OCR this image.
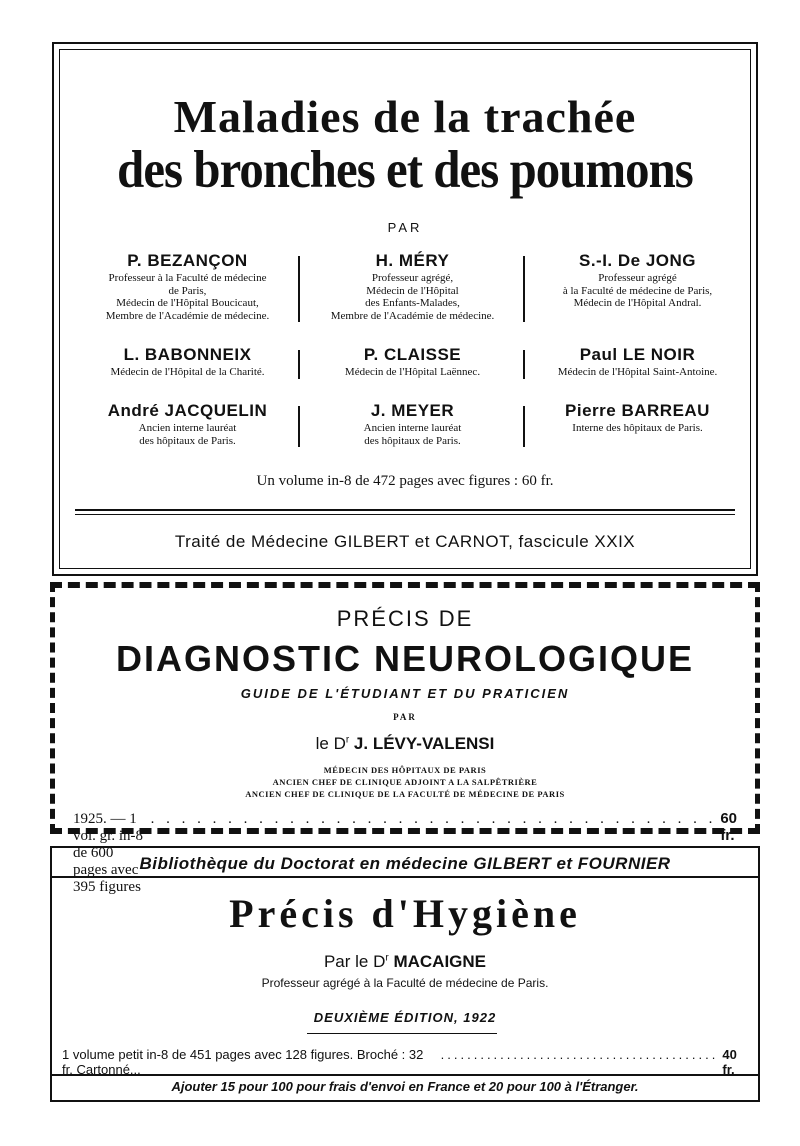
Maladies de la trachée
des bronches et des poumons
PAR
P. BEZANÇON
Professeur à la Faculté de médecine
de Paris,
Médecin de l'Hôpital Boucicaut,
Membre de l'Académie de médecine.
H. MÉRY
Professeur agrégé,
Médecin de l'Hôpital
des Enfants-Malades,
Membre de l'Académie de médecine.
S.-I. De JONG
Professeur agrégé
à la Faculté de médecine de Paris,
Médecin de l'Hôpital Andral.
L. BABONNEIX
Médecin de l'Hôpital de la Charité.
P. CLAISSE
Médecin de l'Hôpital Laënnec.
Paul LE NOIR
Médecin de l'Hôpital Saint-Antoine.
André JACQUELIN
Ancien interne lauréat
des hôpitaux de Paris.
J. MEYER
Ancien interne lauréat
des hôpitaux de Paris.
Pierre BARREAU
Interne des hôpitaux de Paris.
Un volume in-8 de 472 pages avec figures : 60 fr.
Traité de Médecine GILBERT et CARNOT, fascicule XXIX
PRÉCIS DE
DIAGNOSTIC NEUROLOGIQUE
GUIDE DE L'ÉTUDIANT ET DU PRATICIEN
PAR
le $D^r$ J. LÉVY-VALENSI
MÉDECIN DES HÔPITAUX DE PARIS
ANCIEN CHEF DE CLINIQUE ADJOINT A LA SALPÊTRIÈRE
ANCIEN CHEF DE CLINIQUE DE LA FACULTÉ DE MÉDECINE DE PARIS
1925. — 1 vol. gr. in-8 de 600 pages avec 395 figures
. . . . . . . . . . . . . . . . . . . . . . . . . . . . . . . . . . . . . 60 fr.
Bibliothèque du Doctorat en médecine GILBERT et FOURNIER
Précis d'Hygiène
Par le $D^r$ MACAIGNE
Professeur agrégé à la Faculté de médecine de Paris.
DEUXIÈME ÉDITION, 1922
1 volume petit in-8 de 451 pages avec 128 figures. Broché : 32 fr. Cartonné...
.......................................... 40 fr.
Ajouter 15 pour 100 pour frais d'envoi en France et 20 pour 100 à l'Étranger.
